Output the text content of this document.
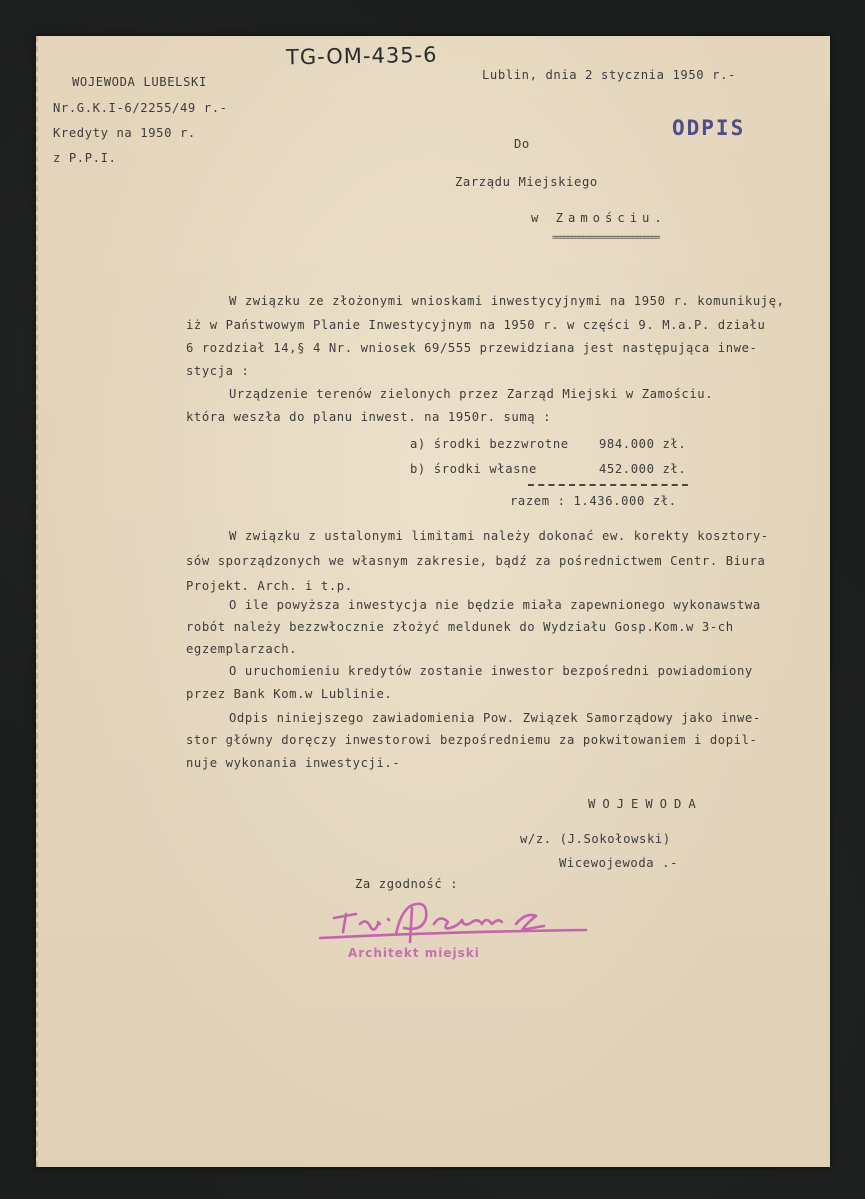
TG-OM-435-6

WOJEWODA LUBELSKI

Nr.G.K.I-6/2255/49 r.-

Kredyty na 1950 r.

z P.P.I.

Lublin, dnia 2 stycznia 1950 r.-

ODPIS

Do

Zarządu Miejskiego

w Zamościu.

============================

W związku ze złożonymi wnioskami inwestycyjnymi na 1950 r. komunikuję,

iż w Państwowym Planie Inwestycyjnym na 1950 r. w części 9. M.a.P. działu

6 rozdział 14,§ 4 Nr. wniosek 69/555 przewidziana jest następująca inwe-

stycja :

Urządzenie terenów zielonych przez Zarząd Miejski w Zamościu.

która weszła do planu inwest. na 1950r. sumą :

a) środki bezzwrotne 984.000 zł.

b) środki własne	452.000 zł.

razem : 1.436.000 zł.

W związku z ustalonymi limitami należy dokonać ew. korekty kosztory-

sów sporządzonych we własnym zakresie, bądź za pośrednictwem Centr. Biura

Projekt. Arch. i t.p.

O ile powyższa inwestycja nie będzie miała zapewnionego wykonawstwa

robót należy bezzwłocznie złożyć meldunek do Wydziału Gosp.Kom.w 3-ch

egzemplarzach.

O uruchomieniu kredytów zostanie inwestor bezpośredni powiadomiony

przez Bank Kom.w Lublinie.

Odpis niniejszego zawiadomienia Pow. Związek Samorządowy jako inwe-

stor główny doręczy inwestorowi bezpośredniemu za pokwitowaniem i dopil-

nuje wykonania inwestycji.-

WOJEWODA

w/z. (J.Sokołowski)

Wicewojewoda .-

Za zgodność :

Architekt miejski
